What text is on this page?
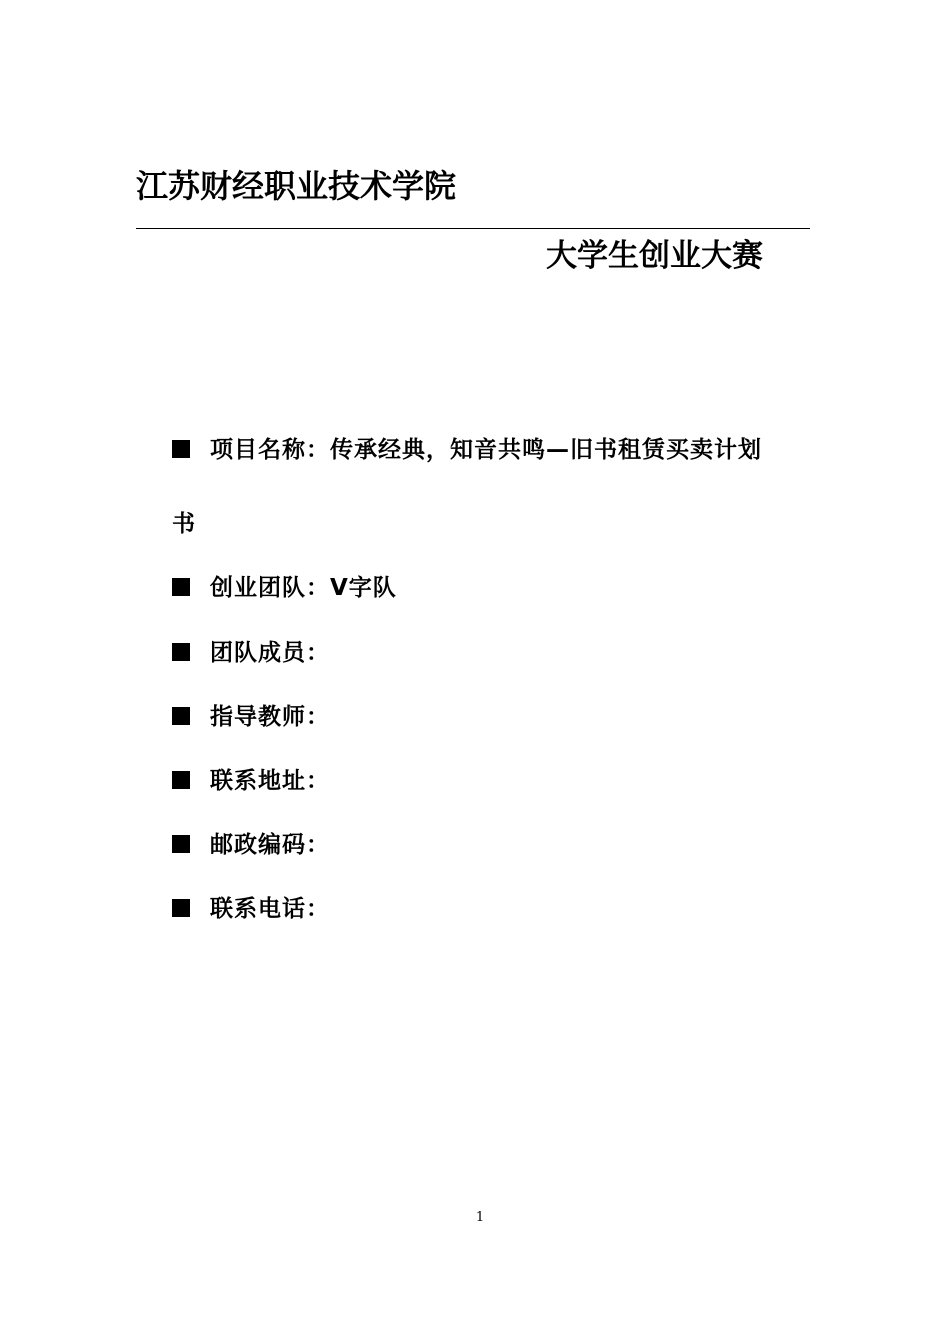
江苏财经职业技术学院
大学生创业大赛
项目名称：传承经典，知音共鸣—旧书租赁买卖计划
书
创业团队：V字队
团队成员：
指导教师：
联系地址：
邮政编码：
联系电话：
1
